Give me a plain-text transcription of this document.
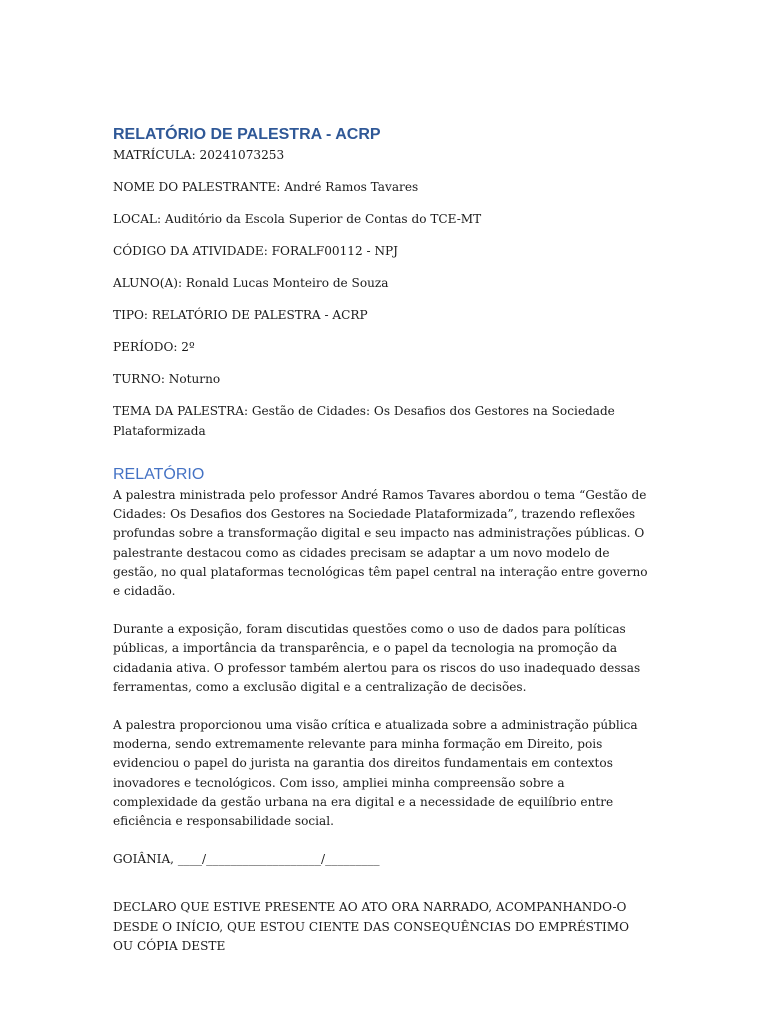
RELATÓRIO DE PALESTRA - ACRP

MATRÍCULA: 20241073253

NOME DO PALESTRANTE: André Ramos Tavares

LOCAL: Auditório da Escola Superior de Contas do TCE-MT

CÓDIGO DA ATIVIDADE: FORALF00112 - NPJ

ALUNO(A): Ronald Lucas Monteiro de Souza

TIPO: RELATÓRIO DE PALESTRA - ACRP

PERÍODO: 2º

TURNO: Noturno

TEMA DA PALESTRA: Gestão de Cidades: Os Desafios dos Gestores na Sociedade Plataformizada

RELATÓRIO

A palestra ministrada pelo professor André Ramos Tavares abordou o tema “Gestão de Cidades: Os Desafios dos Gestores na Sociedade Plataformizada”, trazendo reflexões profundas sobre a transformação digital e seu impacto nas administrações públicas. O palestrante destacou como as cidades precisam se adaptar a um novo modelo de gestão, no qual plataformas tecnológicas têm papel central na interação entre governo e cidadão.

Durante a exposição, foram discutidas questões como o uso de dados para políticas públicas, a importância da transparência, e o papel da tecnologia na promoção da cidadania ativa. O professor também alertou para os riscos do uso inadequado dessas ferramentas, como a exclusão digital e a centralização de decisões.

A palestra proporcionou uma visão crítica e atualizada sobre a administração pública moderna, sendo extremamente relevante para minha formação em Direito, pois evidenciou o papel do jurista na garantia dos direitos fundamentais em contextos inovadores e tecnológicos. Com isso, ampliei minha compreensão sobre a complexidade da gestão urbana na era digital e a necessidade de equilíbrio entre eficiência e responsabilidade social.

GOIÂNIA, ____/___________________/_________

DECLARO QUE ESTIVE PRESENTE AO ATO ORA NARRADO, ACOMPANHANDO-O DESDE O INÍCIO, QUE ESTOU CIENTE DAS CONSEQUÊNCIAS DO EMPRÉSTIMO OU CÓPIA DESTE
